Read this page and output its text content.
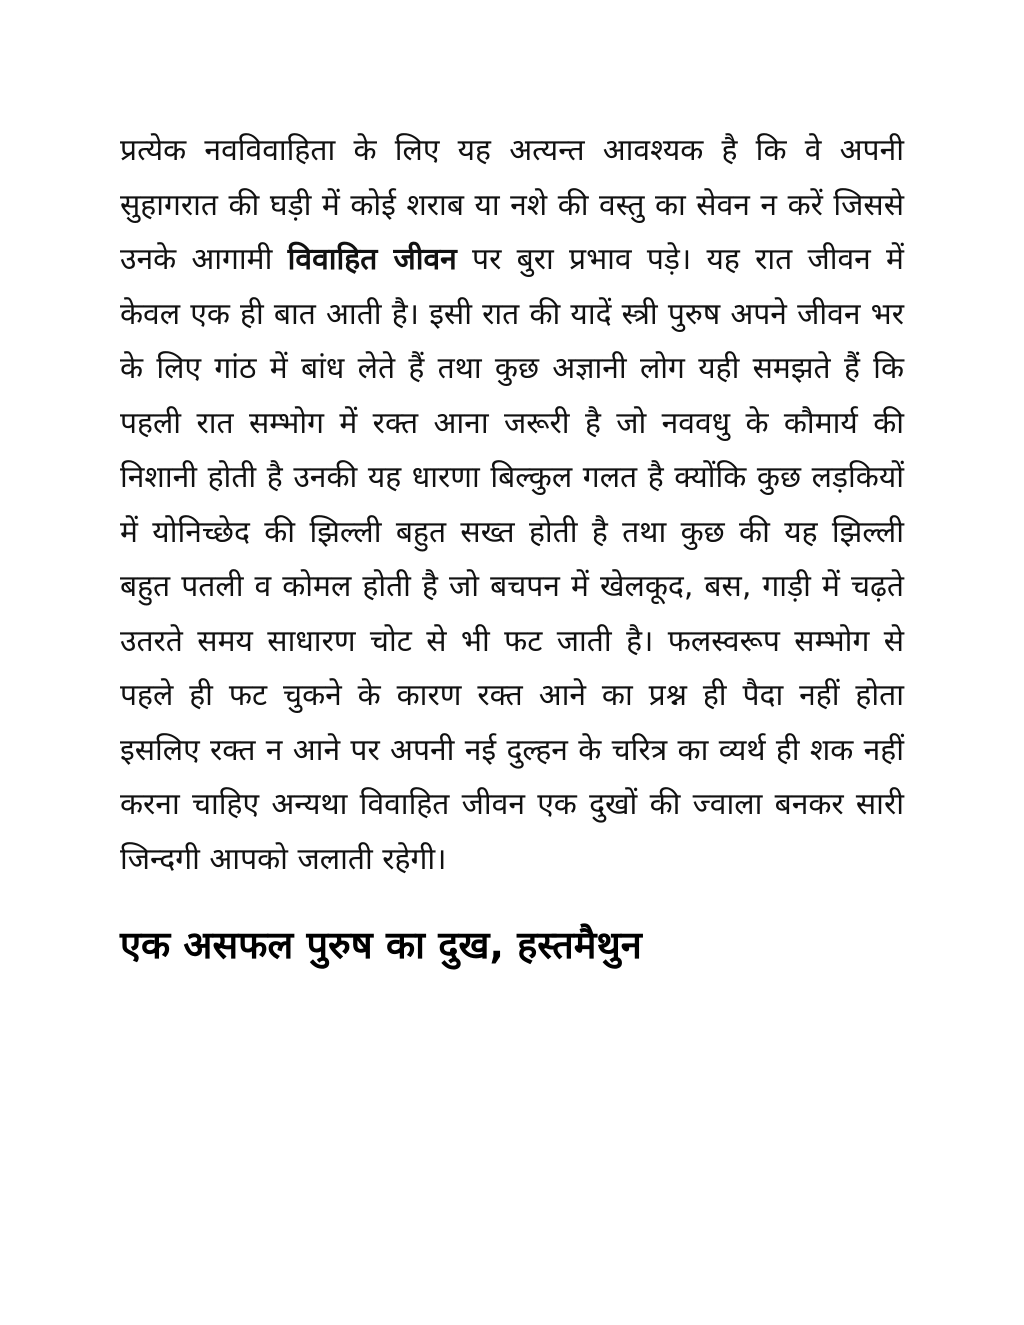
प्रत्येक नवविवाहिता के लिए यह अत्यन्त आवश्यक है कि वे अपनी सुहागरात की घड़ी में कोई शराब या नशे की वस्तु का सेवन न करें जिससे उनके आगामी विवाहित जीवन पर बुरा प्रभाव पड़े। यह रात जीवन में केवल एक ही बात आती है। इसी रात की यादें स्त्री पुरुष अपने जीवन भर के लिए गांठ में बांध लेते हैं तथा कुछ अज्ञानी लोग यही समझते हैं कि पहली रात सम्भोग में रक्त आना जरूरी है जो नववधु के कौमार्य की निशानी होती है उनकी यह धारणा बिल्कुल गलत है क्योंकि कुछ लड़कियों में योनिच्छेद की झिल्ली बहुत सख्त होती है तथा कुछ की यह झिल्ली बहुत पतली व कोमल होती है जो बचपन में खेलकूद, बस, गाड़ी में चढ़ते उतरते समय साधारण चोट से भी फट जाती है। फलस्वरूप सम्भोग से पहले ही फट चुकने के कारण रक्त आने का प्रश्न ही पैदा नहीं होता इसलिए रक्त न आने पर अपनी नई दुल्हन के चरित्र का व्यर्थ ही शक नहीं करना चाहिए अन्यथा विवाहित जीवन एक दुखों की ज्वाला बनकर सारी जिन्दगी आपको जलाती रहेगी।

एक असफल पुरुष का दुख, हस्तमैथुन
